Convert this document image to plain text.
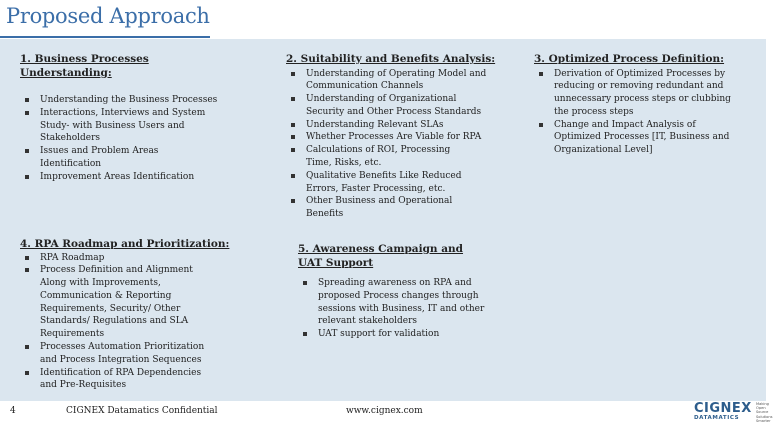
Proposed Approach
1. Business Processes Understanding:
Understanding the Business Processes
Interactions, Interviews and System Study- with Business Users and Stakeholders
Issues and Problem Areas Identification
Improvement Areas Identification
2. Suitability and Benefits Analysis:
Understanding of Operating Model and Communication Channels
Understanding of Organizational Security and Other Process Standards
Understanding Relevant SLAs
Whether Processes Are Viable for RPA
Calculations of ROI, Processing Time, Risks, etc.
Qualitative Benefits Like Reduced Errors, Faster Processing, etc.
Other Business and Operational Benefits
3. Optimized Process Definition:
Derivation of Optimized Processes by reducing or removing redundant and unnecessary process steps or clubbing the process steps
Change and Impact Analysis of Optimized Processes [IT, Business and Organizational Level]
4. RPA Roadmap and Prioritization:
RPA Roadmap
Process Definition and Alignment Along with Improvements, Communication & Reporting Requirements, Security/ Other Standards/ Regulations and SLA Requirements
Processes Automation Prioritization and Process Integration Sequences
Identification of RPA Dependencies and Pre-Requisites
5. Awareness Campaign and UAT Support
Spreading awareness on RPA and proposed Process changes through sessions with Business, IT and other relevant stakeholders
UAT support for validation
4	CIGNEX Datamatics Confidential	www.cignex.com	CIGNEX
DATAMATICS
Making Open Source Solutions Smarter
